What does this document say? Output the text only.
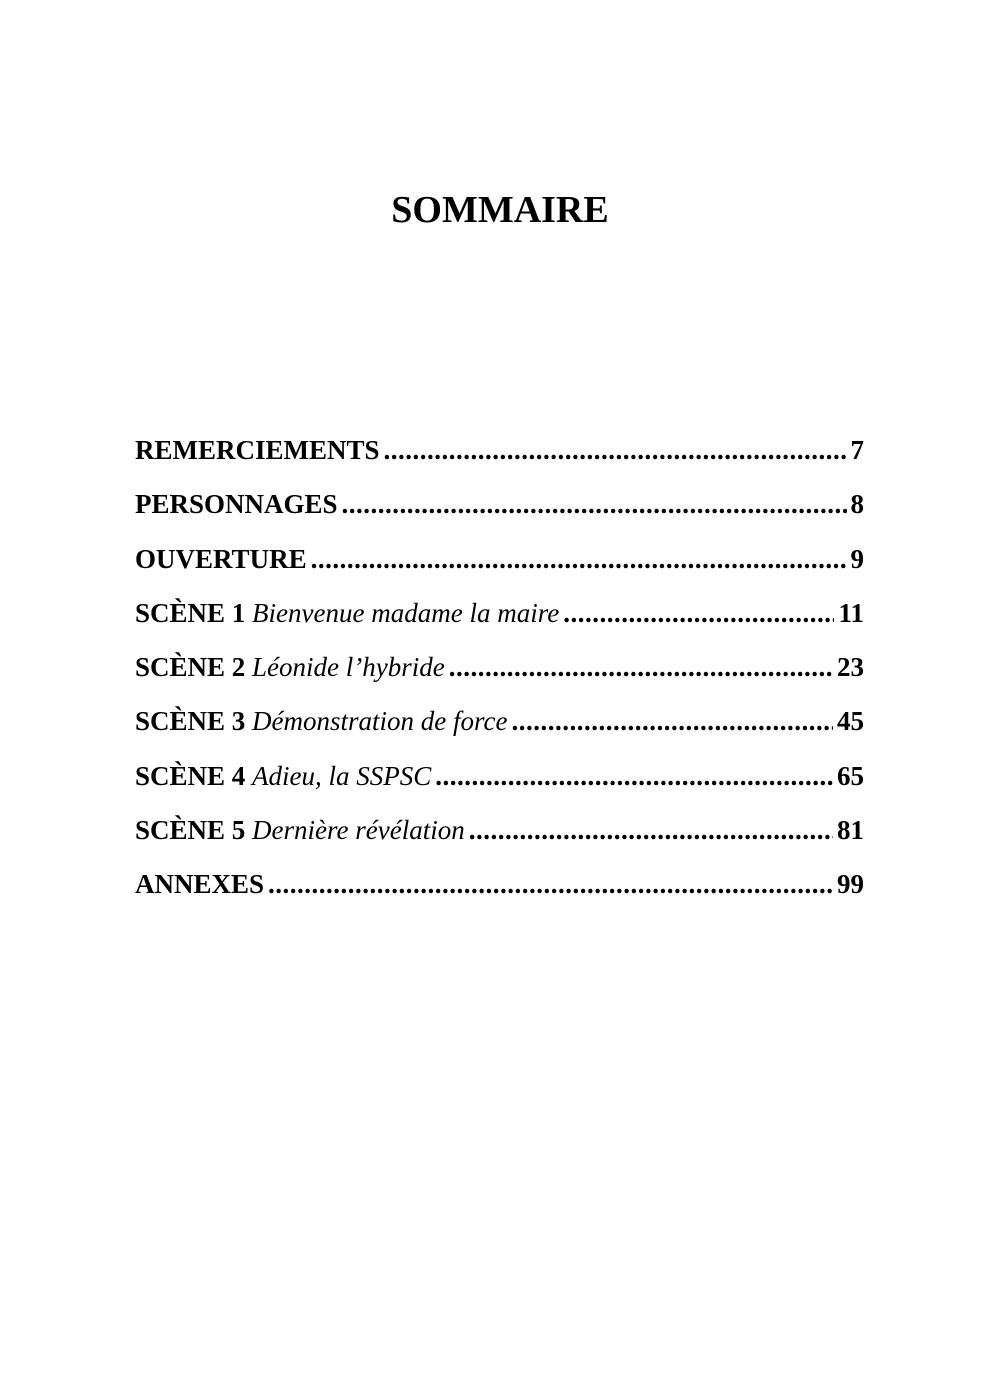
SOMMAIRE
REMERCIEMENTS .....	7
PERSONNAGES .....	8
OUVERTURE .....	9
SCÈNE 1 Bienvenue madame la maire .....	11
SCÈNE 2 Léonide l’hybride .....	23
SCÈNE 3 Démonstration de force .....	45
SCÈNE 4 Adieu, la SSPSC .....	65
SCÈNE 5 Dernière révélation .....	81
ANNEXES .....	99
